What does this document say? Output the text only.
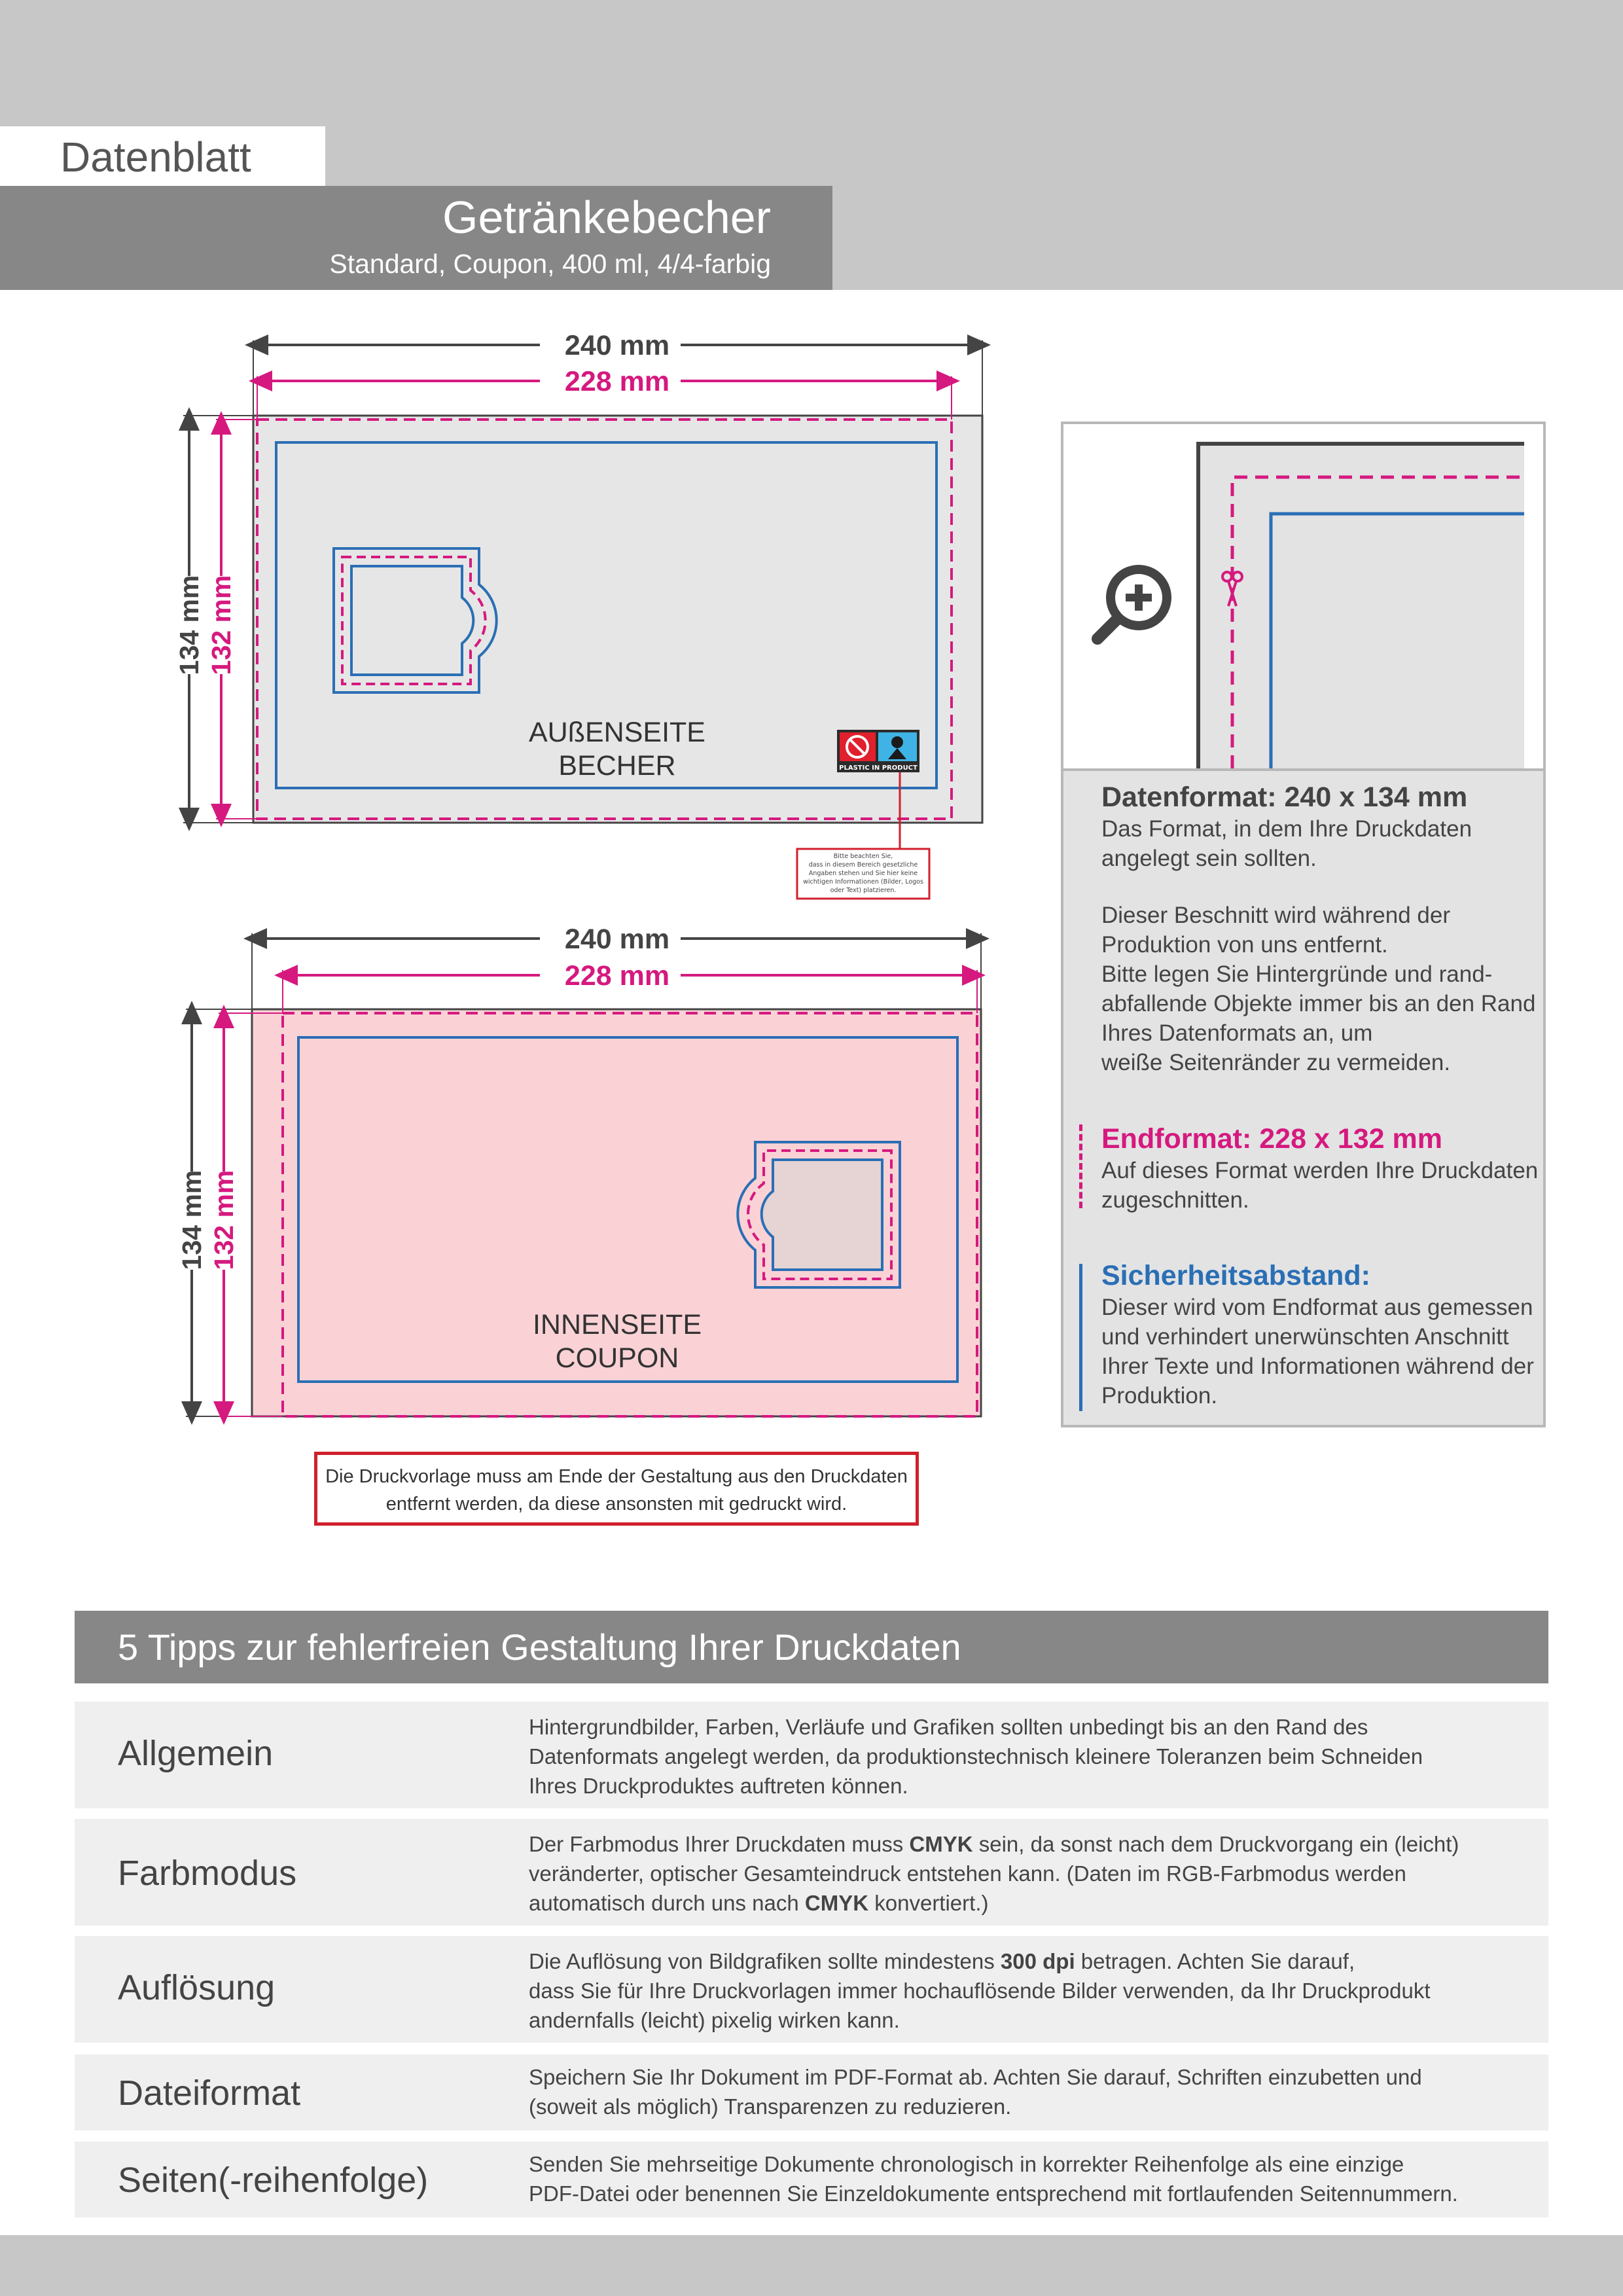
Datenblatt
Getränkebecher
Standard, Coupon, 400 ml, 4/4-farbig
AUßENSEITE
BECHER	PLASTIC IN PRODUCT
Bitte beachten Sie,
dass in diesem Bereich gesetzliche
Angaben stehen und Sie hier keine
wichtigen Informationen (Bilder, Logos
oder Text) platzieren.
240 mm
228 mm
134 mm 132 mm
INNENSEITE
COUPON
240 mm
228 mm
134 mm 132 mm
Datenformat: 240 x 134 mm
Das Format, in dem Ihre Druckdaten
angelegt sein sollten.
Dieser Beschnitt wird während der
Produktion von uns entfernt.
Bitte legen Sie Hintergründe und rand-
abfallende Objekte immer bis an den Rand
Ihres Datenformats an, um
weiße Seitenränder zu vermeiden.
Endformat: 228 x 132 mm
Auf dieses Format werden Ihre Druckdaten
zugeschnitten.
Sicherheitsabstand:
Dieser wird vom Endformat aus gemessen
und verhindert unerwünschten Anschnitt
Ihrer Texte und Informationen während der
Produktion.
Die Druckvorlage muss am Ende der Gestaltung aus den Druckdaten
entfernt werden, da diese ansonsten mit gedruckt wird.
5 Tipps zur fehlerfreien Gestaltung Ihrer Druckdaten
Allgemein
Hintergrundbilder, Farben, Verläufe und Grafiken sollten unbedingt bis an den Rand des
Datenformats angelegt werden, da produktionstechnisch kleinere Toleranzen beim Schneiden
Ihres Druckproduktes auftreten können.
Farbmodus
Der Farbmodus Ihrer Druckdaten muss CMYK sein, da sonst nach dem Druckvorgang ein (leicht)
veränderter, optischer Gesamteindruck entstehen kann. (Daten im RGB-Farbmodus werden
automatisch durch uns nach CMYK konvertiert.)
Auflösung
Die Auflösung von Bildgrafiken sollte mindestens 300 dpi betragen. Achten Sie darauf,
dass Sie für Ihre Druckvorlagen immer hochauflösende Bilder verwenden, da Ihr Druckprodukt
andernfalls (leicht) pixelig wirken kann.
Dateiformat	Speichern Sie Ihr Dokument im PDF-Format ab. Achten Sie darauf, Schriften einzubetten und
(soweit als möglich) Transparenzen zu reduzieren.
Seiten(-reihenfolge)	Senden Sie mehrseitige Dokumente chronologisch in korrekter Reihenfolge als eine einzige
PDF-Datei oder benennen Sie Einzeldokumente entsprechend mit fortlaufenden Seitennummern.
